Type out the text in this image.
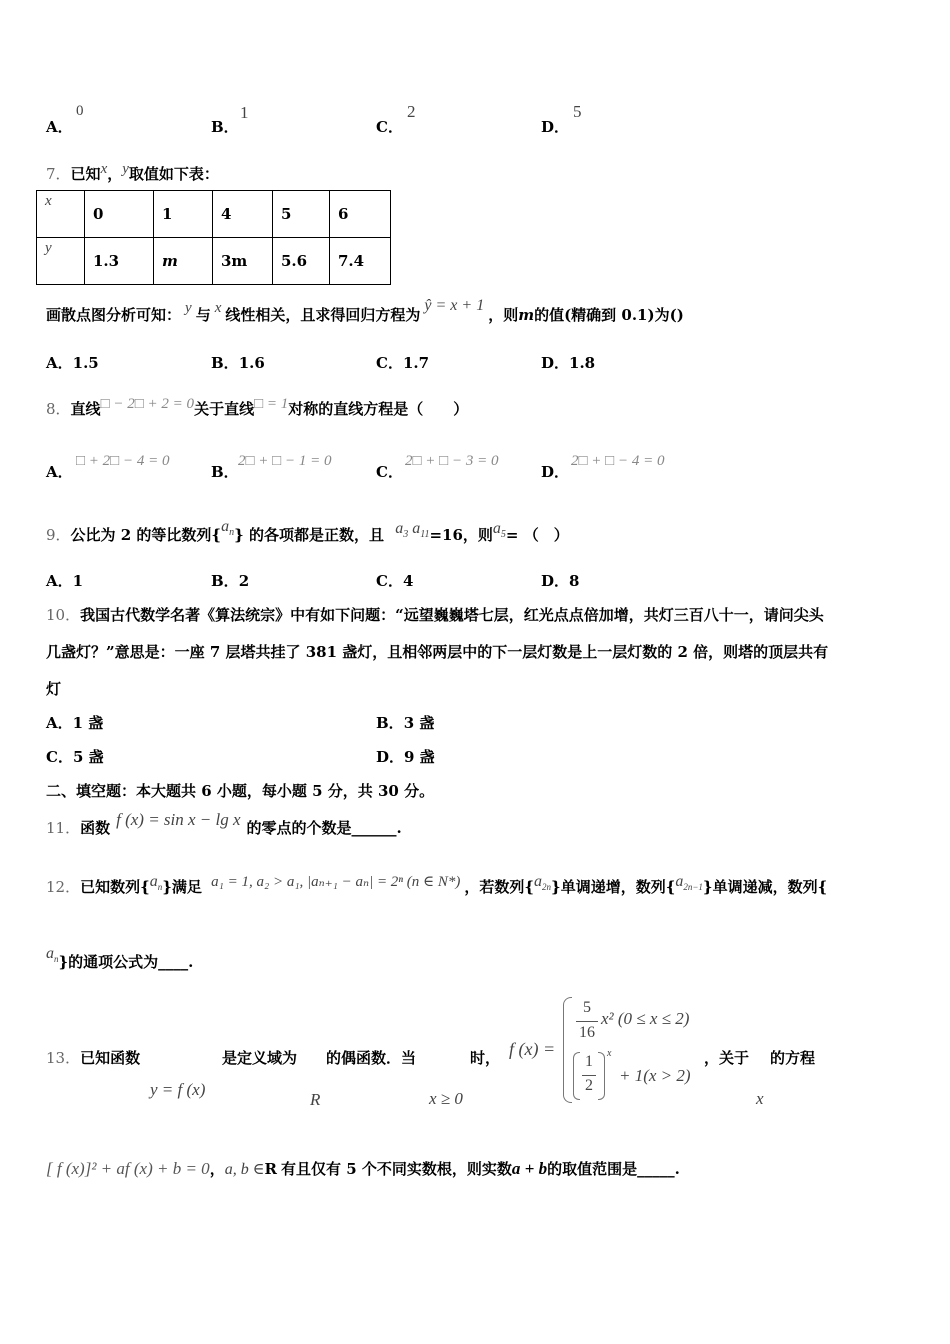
A．
0
B．
1
C．
2
D．
5
7．已知x，y取值如下表：
x	0	1	4	5	6
y	1.3	m	3m	5.6	7.4
画散点图分析可知： y 与 x 线性相关，且求得回归方程为ŷ = x + 1，则m的值(精确到 0.1)为()
A．1.5	B．1.6	C．1.7	D．1.8
8．直线□ − 2□ + 2 = 0关于直线□ = 1对称的直线方程是（　　）
A．
□ + 2□ − 4 = 0
B．
2□ + □ − 1 = 0
C．
2□ + □ − 3 = 0
D．
2□ + □ − 4 = 0
9．公比为 2 的等比数列$\{a_n\}$ 的各项都是正数，且 $a_3$ $a_{11}=16$，则$a_5=$ （　）
A．1	B．2	C．4	D．8
10．我国古代数学名著《算法统宗》中有如下问题：“远望巍巍塔七层，红光点点倍加增，共灯三百八十一，请问尖头
几盏灯？”意思是：一座 7 层塔共挂了 381 盏灯，且相邻两层中的下一层灯数是上一层灯数的 2 倍，则塔的顶层共有
灯
A．1 盏	B．3 盏
C．5 盏	D．9 盏
二、填空题：本大题共 6 小题，每小题 5 分，共 30 分。
11．函数 f (x) = sin x − lg x 的零点的个数是______.
12．已知数列$\{a_n\}$满足 a₁ = 1, a₂ > a₁, |aₙ₊₁ − aₙ| = 2ⁿ (n ∈ N*) ，若数列$\{a_{2n}\}$单调递增，数列$\{a_{2n-1}\}$单调递减，数列{
$a_n$}的通项公式为____.
13．已知函数
y = f (x)
是定义域为
R
的偶函数．当
x ≥ 0
时， f (x) =
5
16
x² (0 ≤ x ≤ 2)
1
2
x
+ 1(x > 2)
，关于
x
的方程
[ f (x)]² + af (x) + b = 0，a, b ∈R 有且仅有 5 个不同实数根，则实数a + b的取值范围是_____.
